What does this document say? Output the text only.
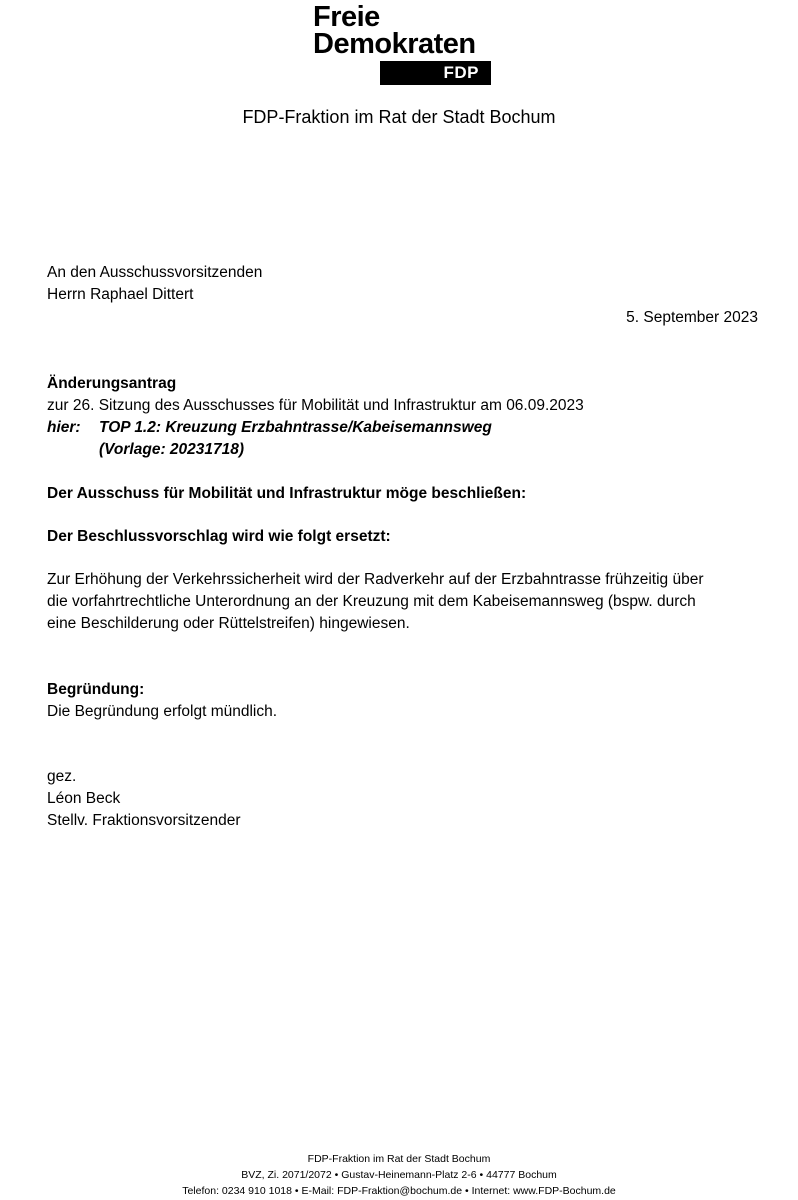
Freie
Demokraten
FDP
FDP-Fraktion im Rat der Stadt Bochum
An den Ausschussvorsitzenden
Herrn Raphael Dittert
5. September 2023
Änderungsantrag
zur 26. Sitzung des Ausschusses für Mobilität und Infrastruktur am 06.09.2023
hier: TOP 1.2: Kreuzung Erzbahntrasse/Kabeisemannsweg
(Vorlage: 20231718)
Der Ausschuss für Mobilität und Infrastruktur möge beschließen:
Der Beschlussvorschlag wird wie folgt ersetzt:
Zur Erhöhung der Verkehrssicherheit wird der Radverkehr auf der Erzbahntrasse frühzeitig über
die vorfahrtrechtliche Unterordnung an der Kreuzung mit dem Kabeisemannsweg (bspw. durch
eine Beschilderung oder Rüttelstreifen) hingewiesen.
Begründung:
Die Begründung erfolgt mündlich.
gez.
Léon Beck
Stellv. Fraktionsvorsitzender
FDP-Fraktion im Rat der Stadt Bochum
BVZ, Zi. 2071/2072 • Gustav-Heinemann-Platz 2-6 • 44777 Bochum
Telefon: 0234 910 1018 • E-Mail: FDP-Fraktion@bochum.de • Internet: www.FDP-Bochum.de
